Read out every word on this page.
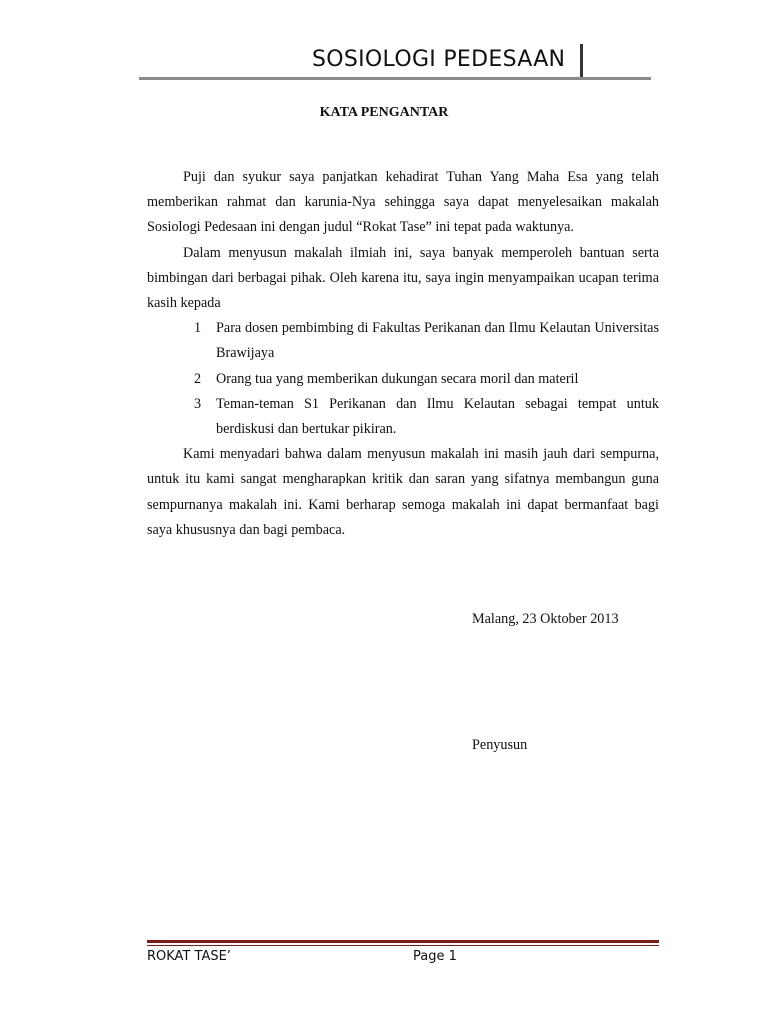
SOSIOLOGI PEDESAAN
KATA PENGANTAR

Puji dan syukur saya panjatkan kehadirat Tuhan Yang Maha Esa yang telah memberikan rahmat dan karunia-Nya sehingga saya dapat menyelesaikan makalah Sosiologi Pedesaan ini dengan judul “Rokat Tase” ini tepat pada waktunya.

Dalam menyusun makalah ilmiah ini, saya banyak memperoleh bantuan serta bimbingan dari berbagai pihak. Oleh karena itu, saya ingin menyampaikan ucapan terima kasih kepada

1 Para dosen pembimbing di Fakultas Perikanan dan Ilmu Kelautan Universitas Brawijaya
2 Orang tua yang memberikan dukungan secara moril dan materil
3 Teman-teman S1 Perikanan dan Ilmu Kelautan sebagai tempat untuk berdiskusi dan bertukar pikiran.

Kami menyadari bahwa dalam menyusun makalah ini masih jauh dari sempurna, untuk itu kami sangat mengharapkan kritik dan saran yang sifatnya membangun guna sempurnanya makalah ini. Kami berharap semoga makalah ini dapat bermanfaat bagi saya khususnya dan bagi pembaca.

Malang, 23 Oktober 2013
Penyusun
ROKAT TASE’	Page 1
